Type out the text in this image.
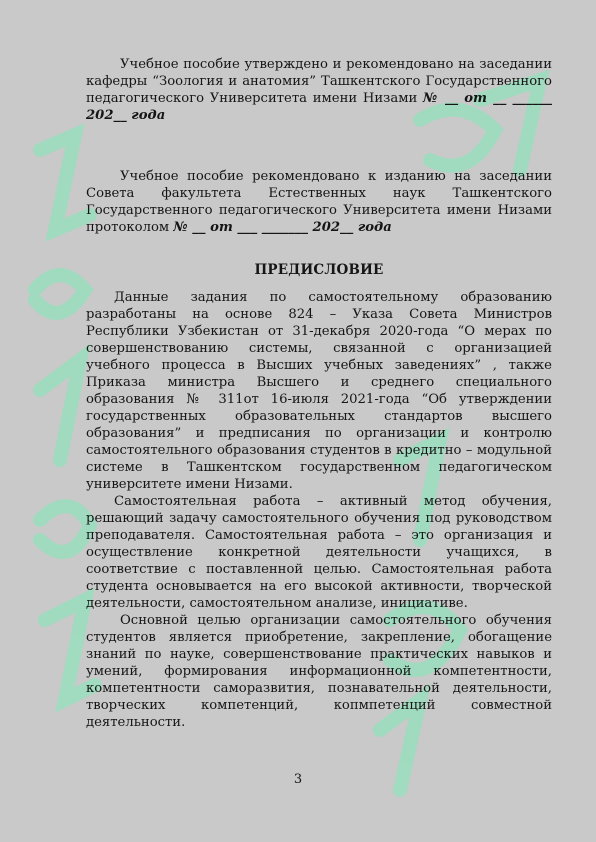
Учебное пособие утверждено и рекомендовано на заседании кафедры “Зоология и анатомия” Ташкентского Государственного педагогического Университета имени Низами № __ от __ ______ 202__ года

Учебное пособие рекомендовано к изданию на заседании Совета факультета Естественных наук Ташкентского Государственного педагогического Университета имени Низами протоколом № __ от ___ _______ 202__ года

ПРЕДИСЛОВИЕ

Данные задания по самостоятельному образованию разработаны на основе 824 – Указа Совета Министров Республики Узбекистан от 31-декабря 2020-года “О мерах по совершенствованию системы, связанной с организацией учебного процесса в Высших учебных заведениях” , также Приказа министра Высшего и среднего специального образования № 311от 16-июля 2021-года “Об утверждении государственных образовательных стандартов высшего образования” и предписания по организации и контролю самостоятельного образования студентов в кредитно – модульной системе в Ташкентском государственном педагогическом университете имени Низами.

Самостоятельная работа – активный метод обучения, решающий задачу самостоятельного обучения под руководством преподавателя. Самостоятельная работа – это организация и осуществление конкретной деятельности учащихся, в соответствие с поставленной целью. Самостоятельная работа студента основывается на его высокой активности, творческой деятельности, самостоятельном анализе, инициативе.

Основной целью организации самостоятельного обучения студентов является приобретение, закрепление, обогащение знаний по науке, совершенствование практических навыков и умений, формирования информационной компетентности, компетентности саморазвития, познавательной деятельности, творческих компетенций, копмпетенций совместной деятельности.

3
